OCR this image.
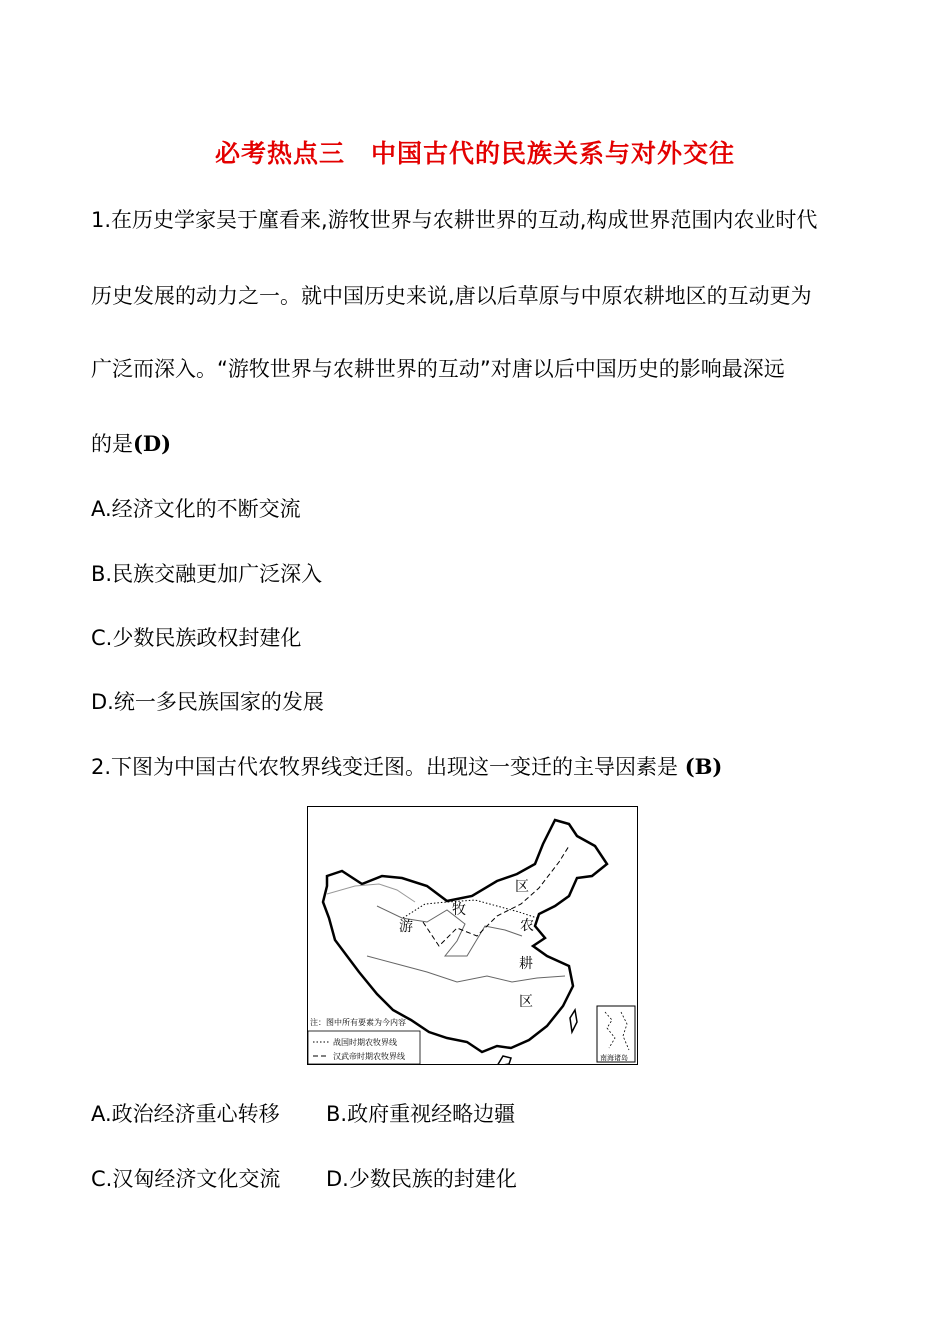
必考热点三　中国古代的民族关系与对外交往
1.在历史学家吴于廑看来,游牧世界与农耕世界的互动,构成世界范围内农业时代
历史发展的动力之一。就中国历史来说,唐以后草原与中原农耕地区的互动更为
广泛而深入。“游牧世界与农耕世界的互动”对唐以后中国历史的影响最深远
的是(D)
A.经济文化的不断交流
B.民族交融更加广泛深入
C.少数民族政权封建化
D.统一多民族国家的发展
2.下图为中国古代农牧界线变迁图。出现这一变迁的主导因素是 (B)
区
牧
游	农
耕
区
注：图中所有要素为今内容
战国时期农牧界线
汉武帝时期农牧界线	南海诸岛
A.政治经济重心转移 B.政府重视经略边疆
C.汉匈经济文化交流 D.少数民族的封建化
